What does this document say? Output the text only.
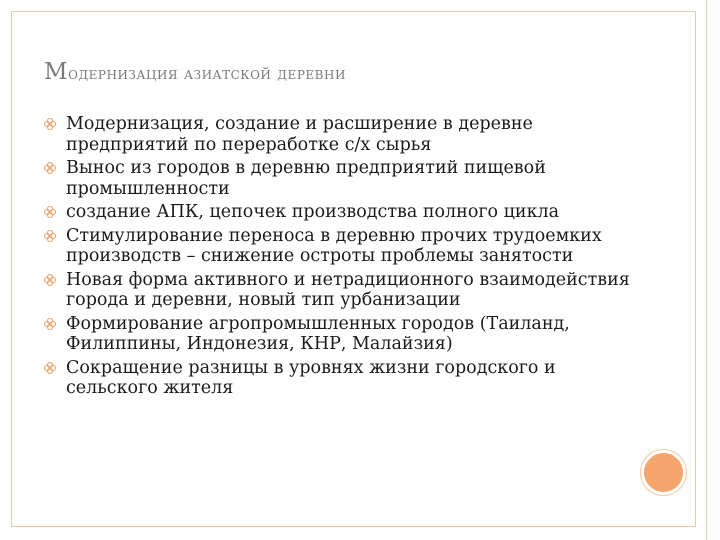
Модернизация азиатской деревни
Модернизация, создание и расширение в деревне предприятий по переработке с/х сырья
Вынос из городов в деревню предприятий пищевой промышленности
создание АПК, цепочек производства полного цикла
Стимулирование переноса в деревню прочих трудоемких производств – снижение остроты проблемы занятости
Новая форма активного и нетрадиционного взаимодействия города и деревни, новый тип урбанизации
Формирование агропромышленных городов (Таиланд, Филиппины, Индонезия, КНР, Малайзия)
Сокращение разницы в уровнях жизни городского и сельского жителя
